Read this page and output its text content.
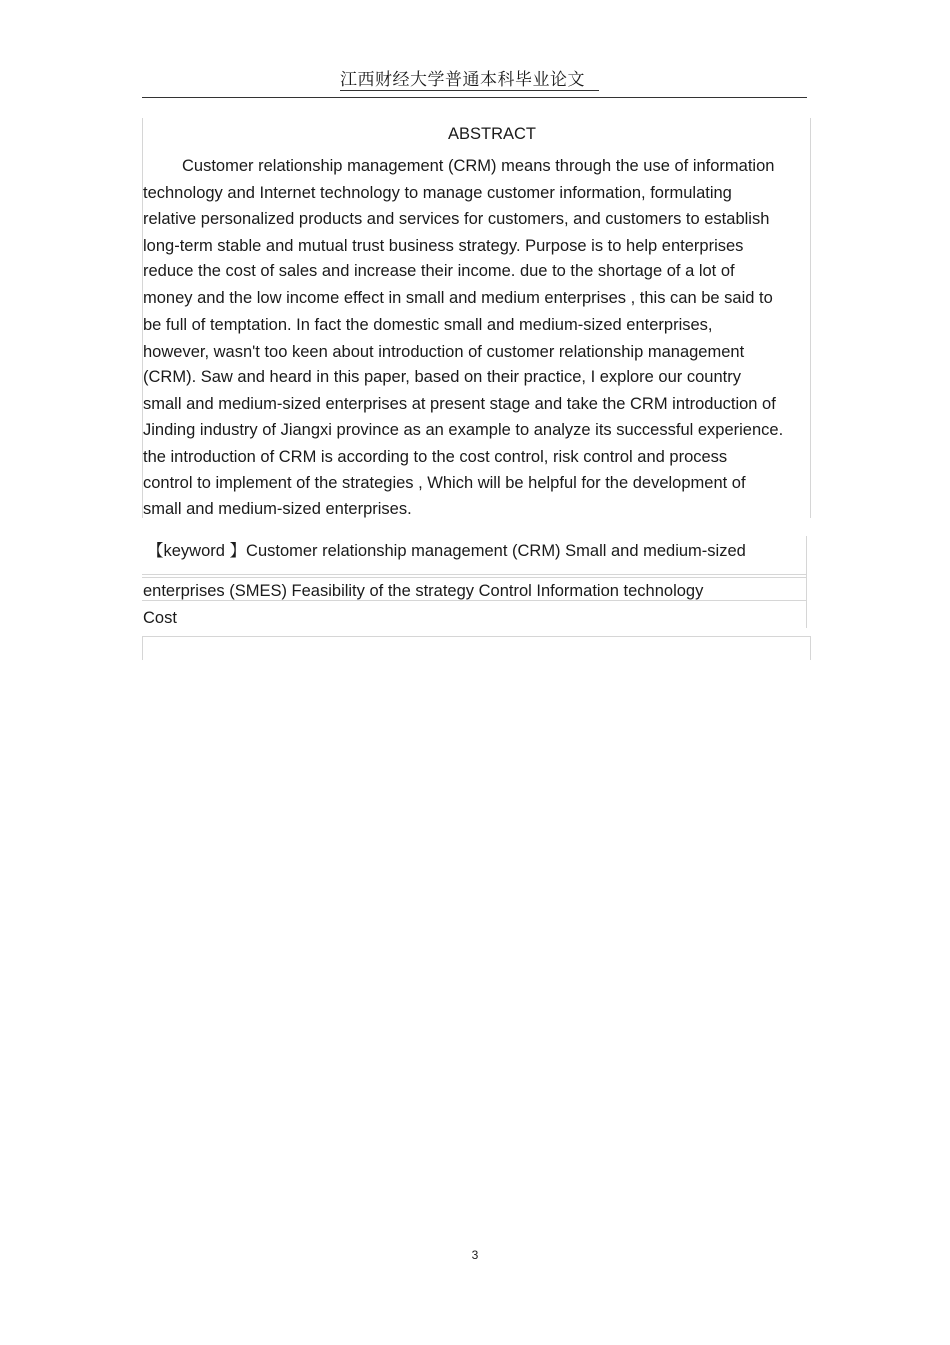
江西财经大学普通本科毕业论文
ABSTRACT
Customer relationship management (CRM) means through the use of information
technology and Internet technology to manage customer information, formulating
relative personalized products and services for customers, and customers to establish
long-term stable and mutual trust business strategy. Purpose is to help enterprises
reduce the cost of sales and increase their income. due to the shortage of a lot of
money and the low income effect in small and medium enterprises , this can be said to
be full of temptation. In fact the domestic small and medium-sized enterprises,
however, wasn't too keen about introduction of customer relationship management
(CRM). Saw and heard in this paper, based on their practice, I explore our country
small and medium-sized enterprises at present stage and take the CRM introduction of
Jinding industry of Jiangxi province as an example to analyze its successful experience.
the introduction of CRM is according to the cost control, risk control and process
control to implement of the strategies , Which will be helpful for the development of
small and medium-sized enterprises.
【keyword 】Customer relationship management (CRM) Small and medium-sized
enterprises (SMES) Feasibility of the strategy Control Information technology
Cost
3
